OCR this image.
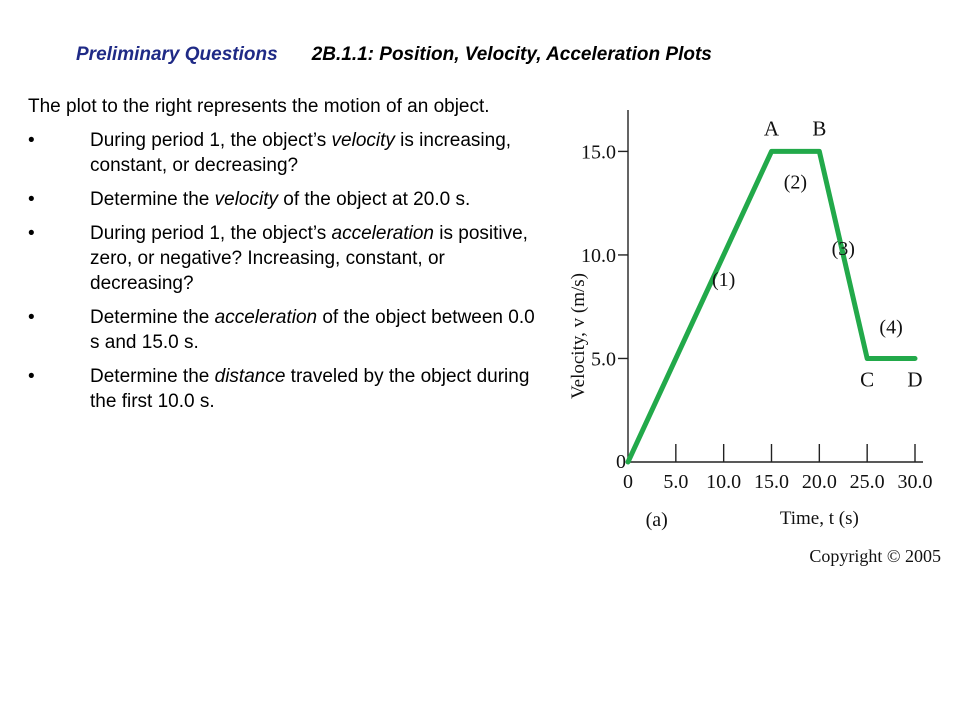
Preliminary Questions 2B.1.1: Position, Velocity, Acceleration Plots

The plot to the right represents the motion of an object.

•	During period 1, the object’s velocity is increasing, constant, or decreasing?

•	Determine the velocity of the object at 20.0 s.

•	During period 1, the object’s acceleration is positive, zero, or negative? Increasing, constant, or decreasing?

•	Determine the acceleration of the object between 0.0 s and 15.0 s.

•	Determine the distance traveled by the object during the first 10.0 s.

5.0
10.0
15.0
0
0 5.0 10.0 15.0 20.0 25.0 30.0
Velocity, v (m/s)
Time, t (s)
(a)
A B
C D
(1)
(2)
(3)
(4)
Copyright © 2005
